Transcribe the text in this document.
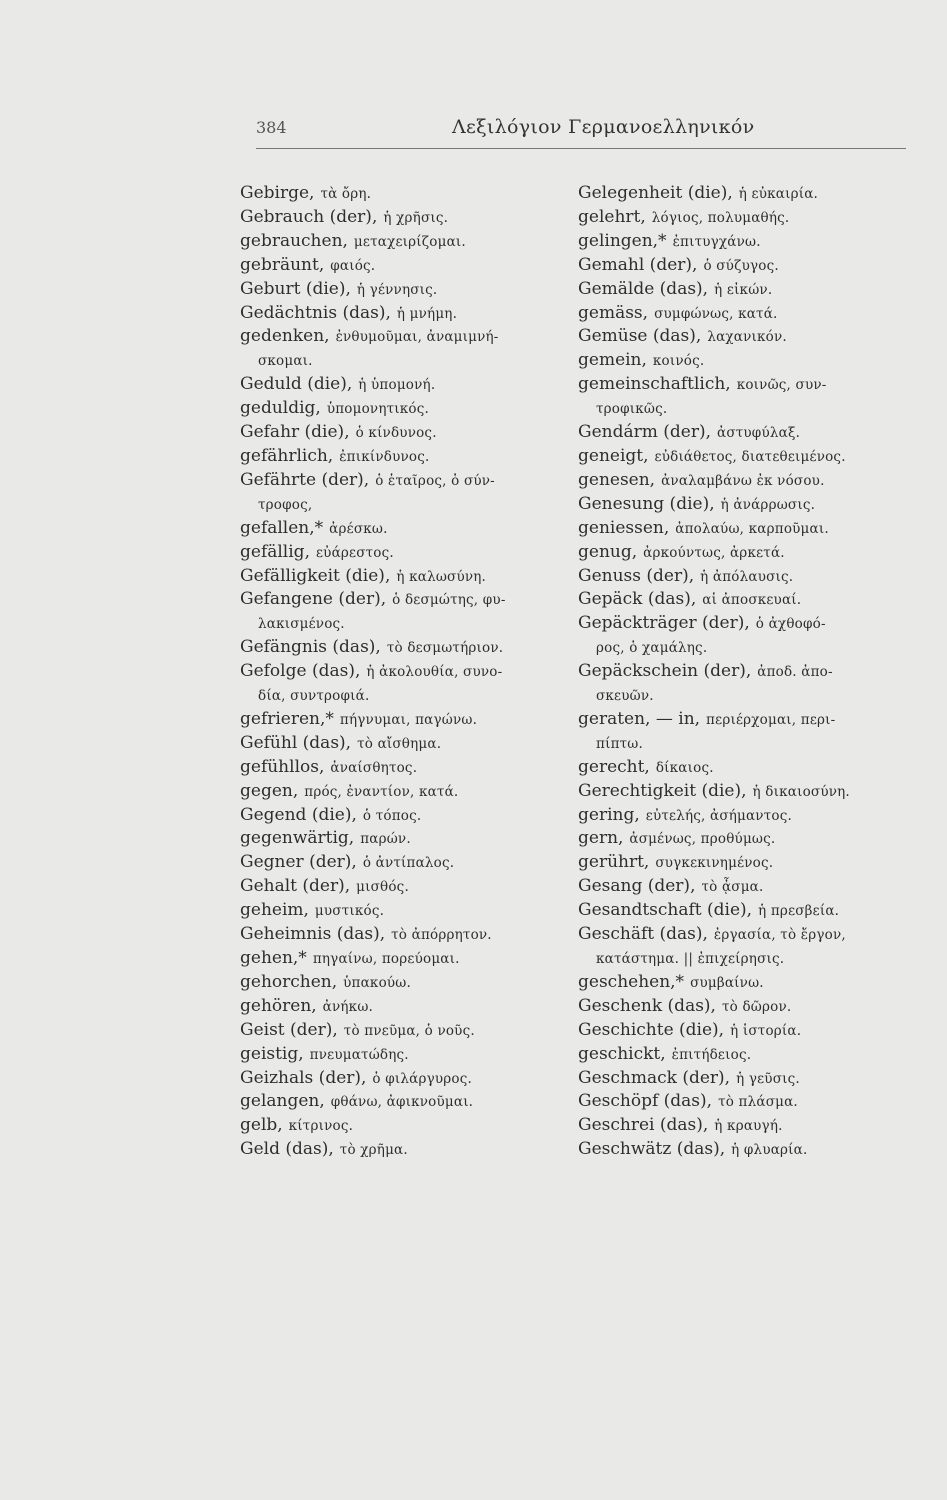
384	Λεξιλόγιον Γερμανοελληνικόν
Gebirge, τὰ ὄρη.
Gebrauch (der), ἡ χρῆσις.
gebrauchen, μεταχειρίζομαι.
gebräunt, φαιός.
Geburt (die), ἡ γέννησις.
Gedächtnis (das), ἡ μνήμη.
gedenken, ἐνθυμοῦμαι, ἀναμιμνή-
σκομαι.
Geduld (die), ἡ ὑπομονή.
geduldig, ὑπομονητικός.
Gefahr (die), ὁ κίνδυνος.
gefährlich, ἐπικίνδυνος.
Gefährte (der), ὁ ἑταῖρος, ὁ σύν-
τροφος,
gefallen,* ἀρέσκω.
gefällig, εὐάρεστος.
Gefälligkeit (die), ἡ καλωσύνη.
Gefangene (der), ὁ δεσμώτης, φυ-
λακισμένος.
Gefängnis (das), τὸ δεσμωτήριον.
Gefolge (das), ἡ ἀκολουθία, συνο-
δία, συντροφιά.
gefrieren,* πήγνυμαι, παγώνω.
Gefühl (das), τὸ αἴσθημα.
gefühllos, ἀναίσθητος.
gegen, πρός, ἐναντίον, κατά.
Gegend (die), ὁ τόπος.
gegenwärtig, παρών.
Gegner (der), ὁ ἀντίπαλος.
Gehalt (der), μισθός.
geheim, μυστικός.
Geheimnis (das), τὸ ἀπόρρητον.
gehen,* πηγαίνω, πορεύομαι.
gehorchen, ὑπακούω.
gehören, ἀνήκω.
Geist (der), τὸ πνεῦμα, ὁ νοῦς.
geistig, πνευματώδης.
Geizhals (der), ὁ φιλάργυρος.
gelangen, φθάνω, ἀφικνοῦμαι.
gelb, κίτρινος.
Geld (das), τὸ χρῆμα.
Gelegenheit (die), ἡ εὐκαιρία.
gelehrt, λόγιος, πολυμαθής.
gelingen,* ἐπιτυγχάνω.
Gemahl (der), ὁ σύζυγος.
Gemälde (das), ἡ εἰκών.
gemäss, συμφώνως, κατά.
Gemüse (das), λαχανικόν.
gemein, κοινός.
gemeinschaftlich, κοινῶς, συν-
τροφικῶς.
Gendárm (der), ἀστυφύλαξ.
geneigt, εὐδιάθετος, διατεθειμένος.
genesen, ἀναλαμβάνω ἐκ νόσου.
Genesung (die), ἡ ἀνάρρωσις.
geniessen, ἀπολαύω, καρποῦμαι.
genug, ἀρκούντως, ἀρκετά.
Genuss (der), ἡ ἀπόλαυσις.
Gepäck (das), αἱ ἀποσκευαί.
Gepäckträger (der), ὁ ἀχθοφό-
ρος, ὁ χαμάλης.
Gepäckschein (der), ἀποδ. ἀπο-
σκευῶν.
geraten, — in, περιέρχομαι, περι-
πίπτω.
gerecht, δίκαιος.
Gerechtigkeit (die), ἡ δικαιοσύνη.
gering, εὐτελής, ἀσήμαντος.
gern, ἀσμένως, προθύμως.
gerührt, συγκεκινημένος.
Gesang (der), τὸ ᾆσμα.
Gesandtschaft (die), ἡ πρεσβεία.
Geschäft (das), ἐργασία, τὸ ἔργον,
κατάστημα. || ἐπιχείρησις.
geschehen,* συμβαίνω.
Geschenk (das), τὸ δῶρον.
Geschichte (die), ἡ ἱστορία.
geschickt, ἐπιτήδειος.
Geschmack (der), ἡ γεῦσις.
Geschöpf (das), τὸ πλάσμα.
Geschrei (das), ἡ κραυγή.
Geschwätz (das), ἡ φλυαρία.
